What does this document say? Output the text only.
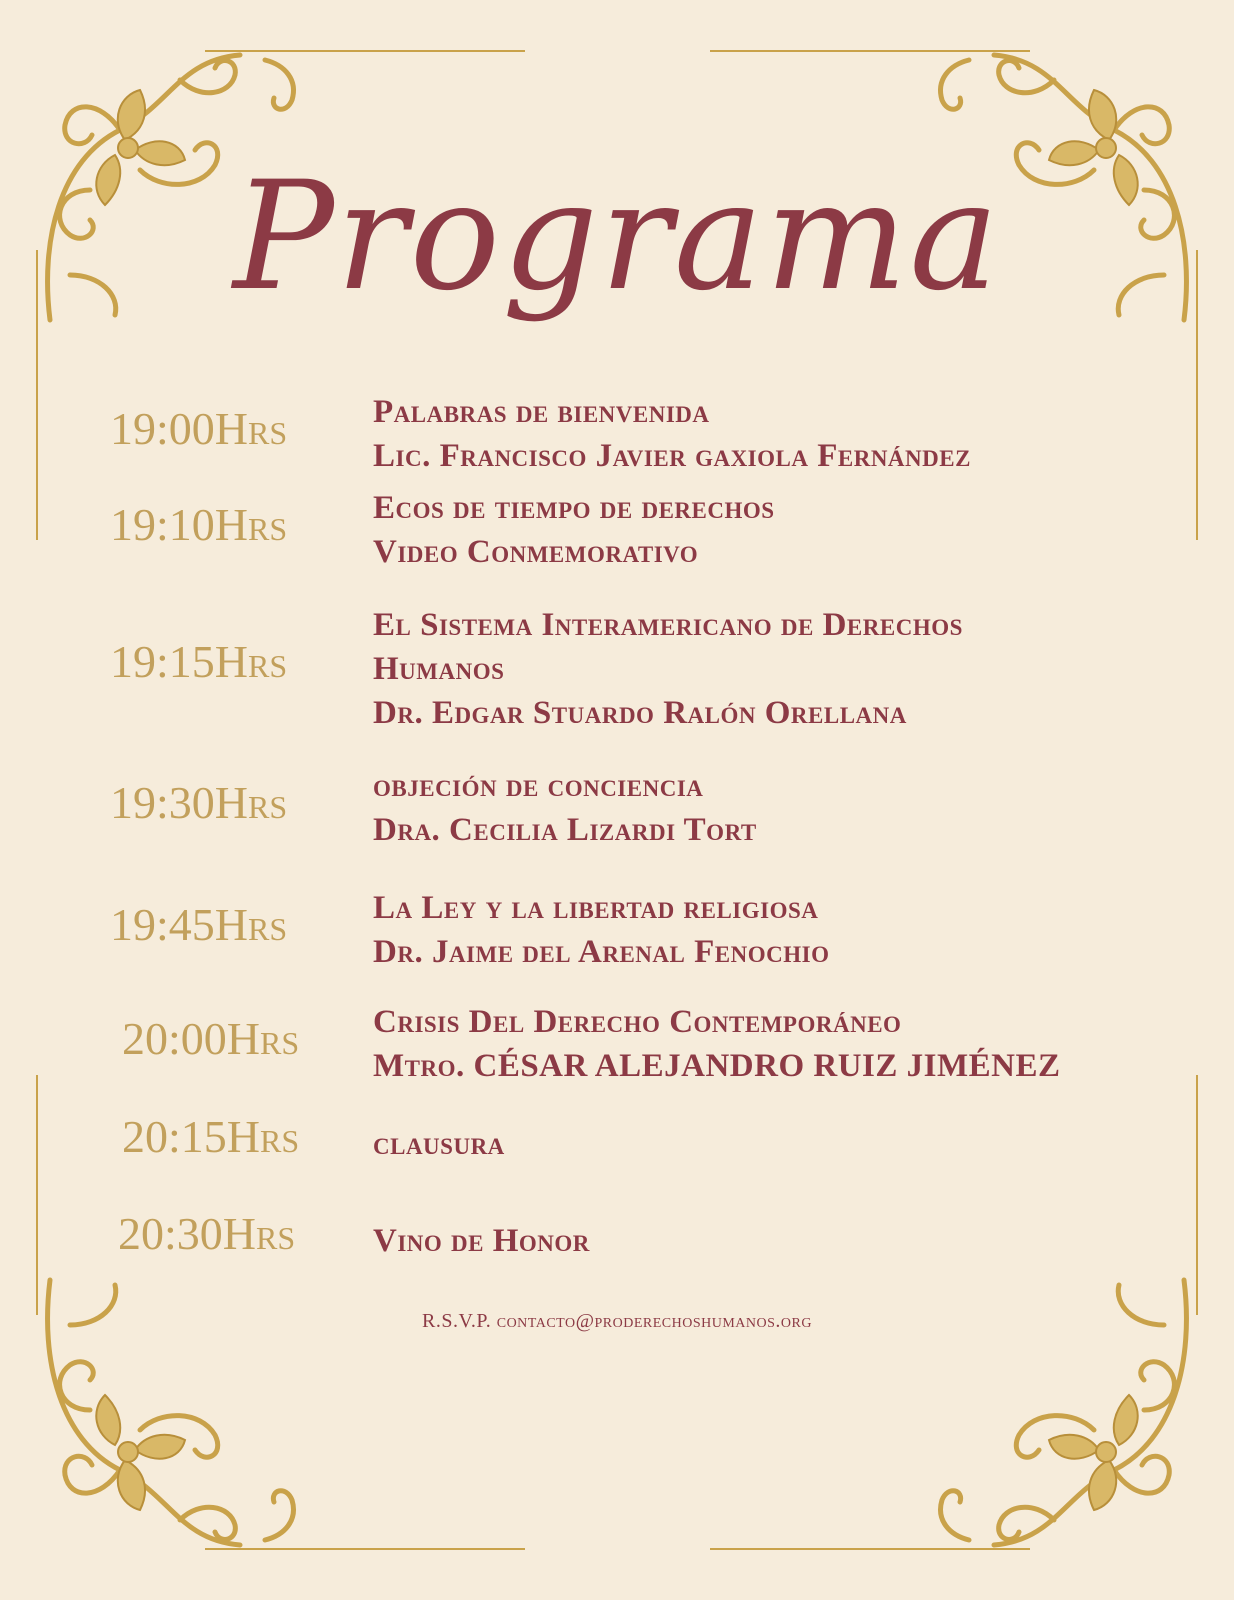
Programa
19:00Hrs	Palabras de bienvenida
Lic. Francisco Javier gaxiola Fernández
19:10Hrs	Ecos de tiempo de derechos
Video Conmemorativo
19:15Hrs
El Sistema Interamericano de Derechos
Humanos
Dr. Edgar Stuardo Ralón Orellana
19:30Hrs	objeción de conciencia
Dra. Cecilia Lizardi Tort
19:45Hrs	La Ley y la libertad religiosa
Dr. Jaime del Arenal Fenochio
20:00Hrs	Crisis Del Derecho Contemporáneo
Mtro. CÉSAR ALEJANDRO RUIZ JIMÉNEZ
20:15Hrs	clausura
20:30Hrs	Vino de Honor
R.S.V.P. contacto@proderechoshumanos.org
